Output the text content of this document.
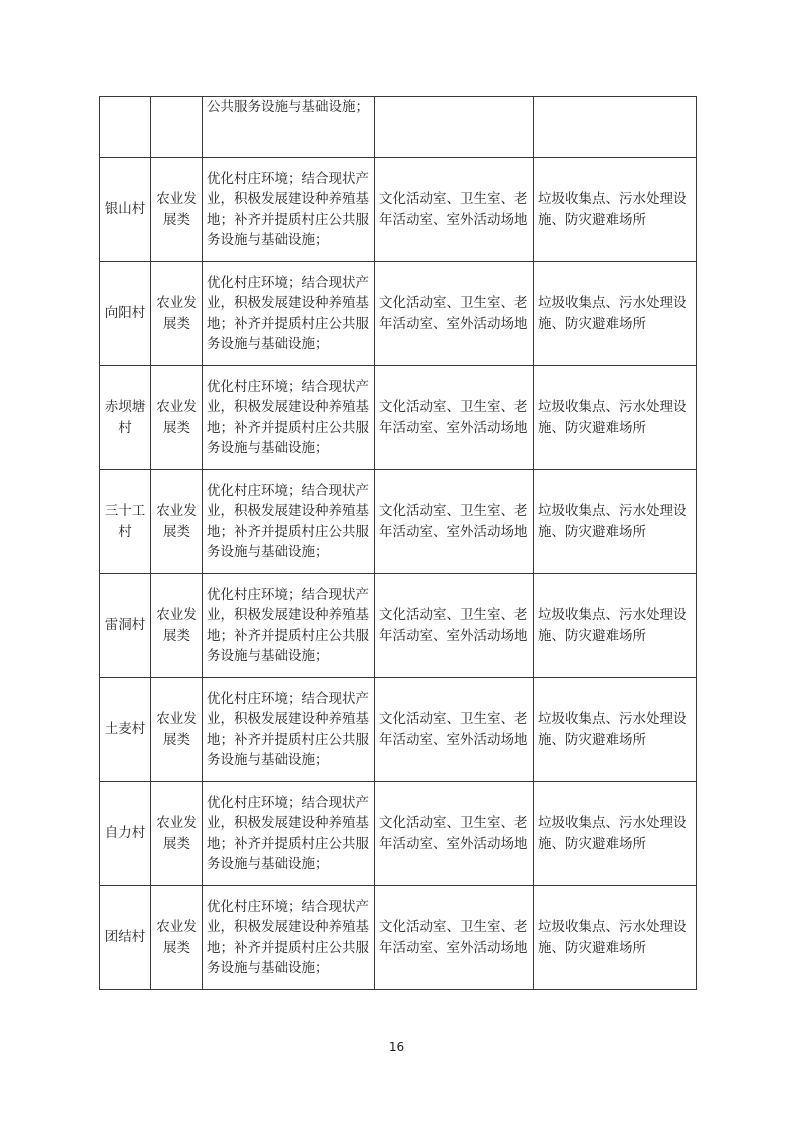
		公共服务设施与基础设施；		
银山村	农业发展类	优化村庄环境；结合现状产业，积极发展建设种养殖基地；补齐并提质村庄公共服务设施与基础设施；	文化活动室、卫生室、老年活动室、室外活动场地	垃圾收集点、污水处理设施、防灾避难场所
向阳村	农业发展类	优化村庄环境；结合现状产业，积极发展建设种养殖基地；补齐并提质村庄公共服务设施与基础设施；	文化活动室、卫生室、老年活动室、室外活动场地	垃圾收集点、污水处理设施、防灾避难场所
赤坝塘村	农业发展类	优化村庄环境；结合现状产业，积极发展建设种养殖基地；补齐并提质村庄公共服务设施与基础设施；	文化活动室、卫生室、老年活动室、室外活动场地	垃圾收集点、污水处理设施、防灾避难场所
三十工村	农业发展类	优化村庄环境；结合现状产业，积极发展建设种养殖基地；补齐并提质村庄公共服务设施与基础设施；	文化活动室、卫生室、老年活动室、室外活动场地	垃圾收集点、污水处理设施、防灾避难场所
雷洞村	农业发展类	优化村庄环境；结合现状产业，积极发展建设种养殖基地；补齐并提质村庄公共服务设施与基础设施；	文化活动室、卫生室、老年活动室、室外活动场地	垃圾收集点、污水处理设施、防灾避难场所
土麦村	农业发展类	优化村庄环境；结合现状产业，积极发展建设种养殖基地；补齐并提质村庄公共服务设施与基础设施；	文化活动室、卫生室、老年活动室、室外活动场地	垃圾收集点、污水处理设施、防灾避难场所
自力村	农业发展类	优化村庄环境；结合现状产业，积极发展建设种养殖基地；补齐并提质村庄公共服务设施与基础设施；	文化活动室、卫生室、老年活动室、室外活动场地	垃圾收集点、污水处理设施、防灾避难场所
团结村	农业发展类	优化村庄环境；结合现状产业，积极发展建设种养殖基地；补齐并提质村庄公共服务设施与基础设施；	文化活动室、卫生室、老年活动室、室外活动场地	垃圾收集点、污水处理设施、防灾避难场所
16
